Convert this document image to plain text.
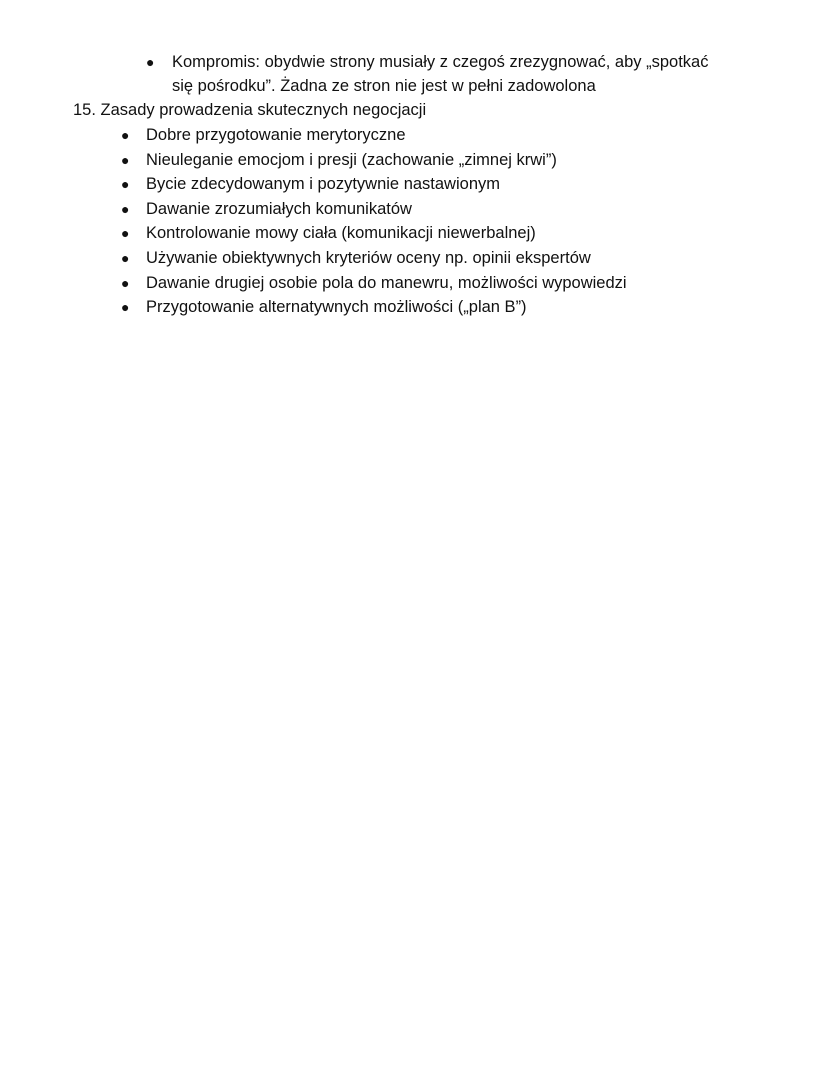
● Kompromis: obydwie strony musiały z czegoś zrezygnować, aby „spotkać
się pośrodku”. Żadna ze stron nie jest w pełni zadowolona
15. Zasady prowadzenia skutecznych negocjacji
● Dobre przygotowanie merytoryczne
● Nieuleganie emocjom i presji (zachowanie „zimnej krwi”)
● Bycie zdecydowanym i pozytywnie nastawionym
● Dawanie zrozumiałych komunikatów
● Kontrolowanie mowy ciała (komunikacji niewerbalnej)
● Używanie obiektywnych kryteriów oceny np. opinii ekspertów
● Dawanie drugiej osobie pola do manewru, możliwości wypowiedzi
● Przygotowanie alternatywnych możliwości („plan B”)
